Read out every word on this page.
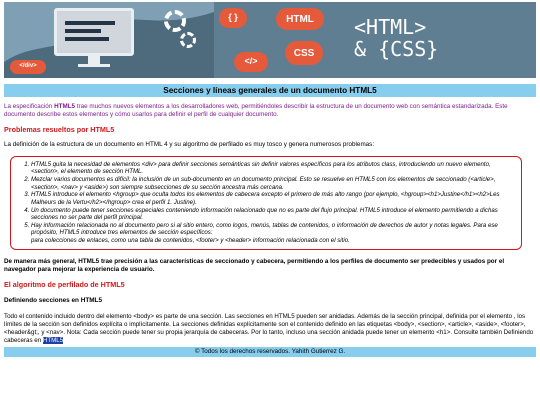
</div>
{ }	HTML
CSS
</>
<HTML>
& {CSS}
Secciones y líneas generales de un documento HTML5

La especificación HTML5 trae muchos nuevos elementos a los desarrolladores web, permitiéndoles describir la estructura de un documento web con semántica estandarizada. Este documento describe estos elementos y cómo usarlos para definir el perfil de cualquier documento.

Problemas resueltos por HTML5

La definición de la estructura de un documento en HTML 4 y su algoritmo de perfilado es muy tosco y genera numerosos problemas:

1. HTML5 quita la necesidad de elementos <div> para definir secciones semánticas sin definir valores específicos para los atributos class, introduciendo un nuevo elemento, <section>, el elemento de sección HTML.
2. Mezclar varios documentos es difícil: la inclusión de un sub-documento en un documento principal. Esto se resuelve en HTML5 con los elementos de seccionado (<article>, <section>, <nav> y <aside>) son siempre subsecciones de su sección ancestra más cercana.
3. HTML5 introduce el elemento <hgroup> que oculta todos los elementos de cabecera excepto el primero de más alto rango (por ejemplo, <hgroup><h1>Justine</h1><h2>Les Malheurs de la Vertu</h2></hgroup> crea el perfil 1. Justine).
4. Un documento puede tener secciones especiales conteniendo información relacionado que no es parte del flujo principal. HTML5 introduce el elemento permitiendo a dichas secciones no ser parte del perfil principal.
5. Hay información relacionada no al documento pero si al sitio entero, como logos, menús, tablas de contenidos, o información de derechos de autor y notas legales. Para ese propósito, HTML5 introduce tres elementos de sección específicos:
para colecciones de enlaces, como una tabla de contenidos, <footer> y <header> información relacionada con el sitio.

De manera más general, HTML5 trae precisión a las características de seccionado y cabecera, permitiendo a los perfiles de documento ser predecibles y usados por el navegador para mejorar la experiencia de usuario.

El algoritmo de perfilado de HTML5
Definiendo secciones en HTML5

Todo el contenido incluido dentro del elemento <body> es parte de una sección. Las secciones en HTML5 pueden ser anidadas. Además de la sección principal, definida por el elemento , los límites de la sección son definidos explícita o implícitamente. La secciones definidas explícitamente son el contenido definido en las etiquetas <body>, <section>, <article>, <aside>, <footer>, <header&gt;, y <nav>. Nota: Cada sección puede tener su propia jerarquía de cabeceras. Por lo tanto, incluso una sección anidada puede tener un elemento <h1>. Consulte también Definiendo cabeceras en HTML5

© Todos los derechos reservados. Yahith Gutierrez G.
